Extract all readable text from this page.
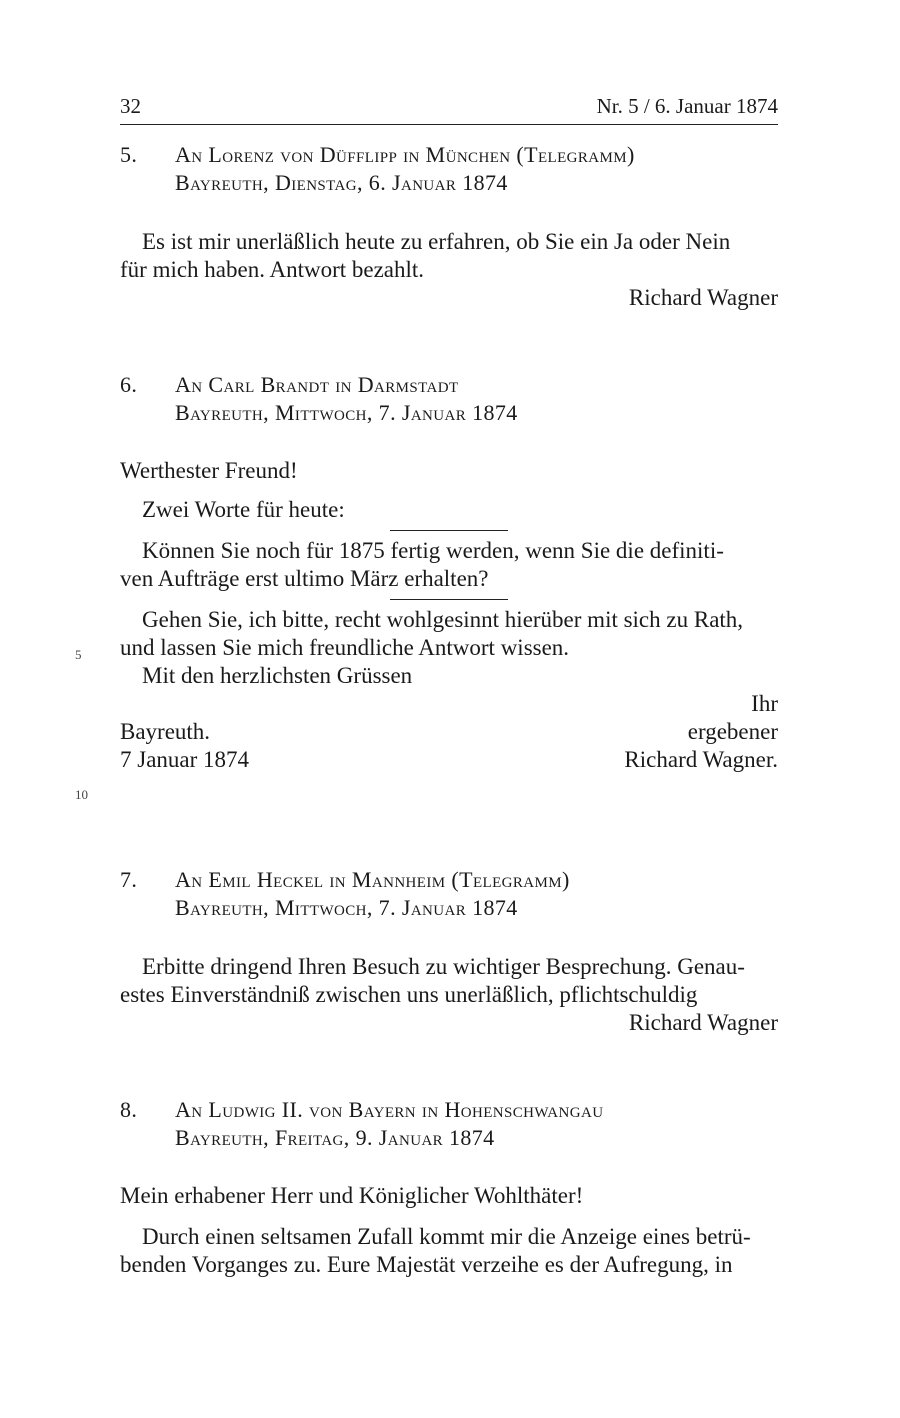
32	Nr. 5 / 6. Januar 1874
5. An Lorenz von Düfflipp in München (Telegramm)
Bayreuth, Dienstag, 6. Januar 1874
Es ist mir unerläßlich heute zu erfahren, ob Sie ein Ja oder Nein
für mich haben. Antwort bezahlt.
Richard Wagner
6. An Carl Brandt in Darmstadt
Bayreuth, Mittwoch, 7. Januar 1874
Werthester Freund!
Zwei Worte für heute:
Können Sie noch für 1875 fertig werden, wenn Sie die definiti-
ven Aufträge erst ultimo März erhalten?
Gehen Sie, ich bitte, recht wohlgesinnt hierüber mit sich zu Rath,
und lassen Sie mich freundliche Antwort wissen.
Mit den herzlichsten Grüssen
Ihr
Bayreuth.	ergebener
7 Januar 1874	Richard Wagner.
5
10
7. An Emil Heckel in Mannheim (Telegramm)
Bayreuth, Mittwoch, 7. Januar 1874
Erbitte dringend Ihren Besuch zu wichtiger Besprechung. Genau-
estes Einverständniß zwischen uns unerläßlich, pflichtschuldig
Richard Wagner
8. An Ludwig II. von Bayern in Hohenschwangau
Bayreuth, Freitag, 9. Januar 1874
Mein erhabener Herr und Königlicher Wohlthäter!
Durch einen seltsamen Zufall kommt mir die Anzeige eines betrü-
benden Vorganges zu. Eure Majestät verzeihe es der Aufregung, in
